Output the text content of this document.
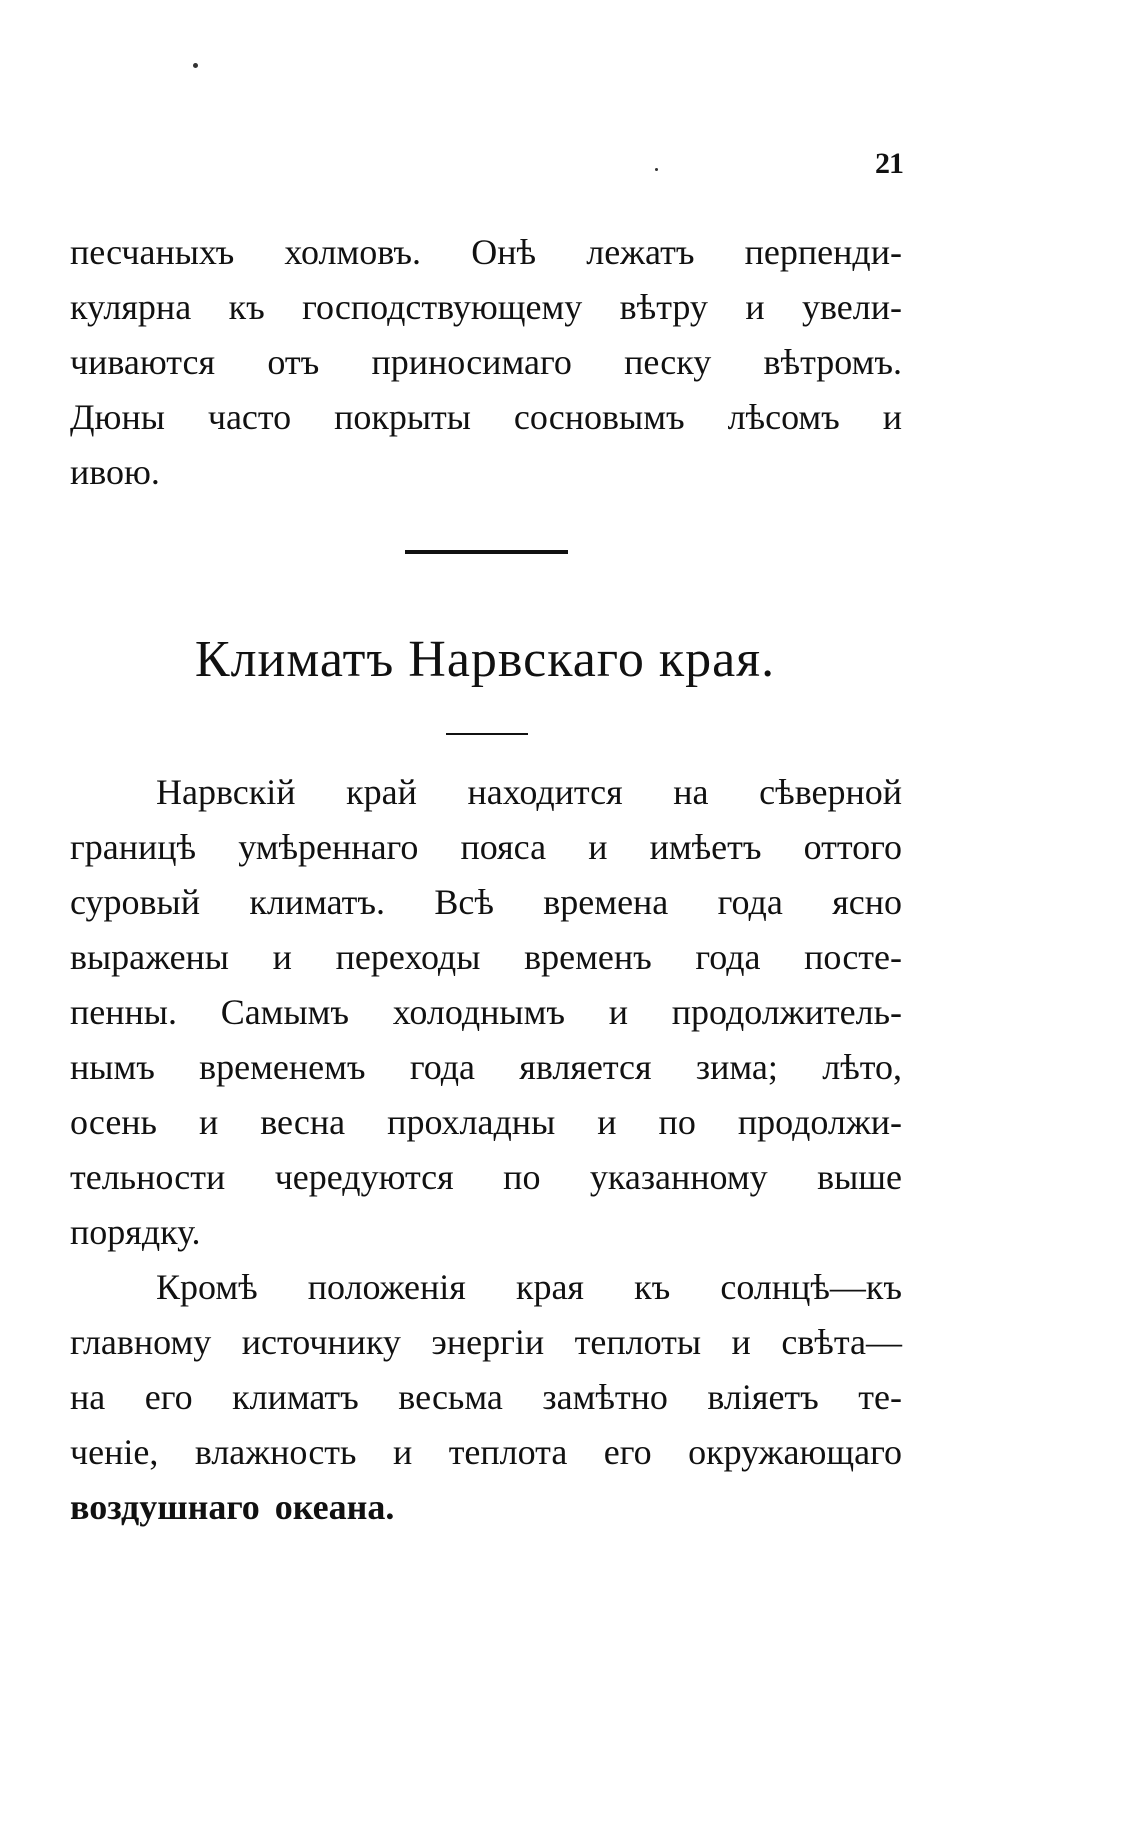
21
песчаныхъ холмовъ. Онѣ лежатъ перпенди-
кулярна къ господствующему вѣтру и увели-
чиваются отъ приносимаго песку вѣтромъ.
Дюны часто покрыты сосновымъ лѣсомъ и
ивою.
Климатъ Нарвскаго края.
Нарвскій край находится на сѣверной
границѣ умѣреннаго пояса и имѣетъ оттого
суровый климатъ. Всѣ времена года ясно
выражены и переходы временъ года посте-
пенны. Самымъ холоднымъ и продолжитель-
нымъ временемъ года является зима; лѣто,
осень и весна прохладны и по продолжи-
тельности чередуются по указанному выше
порядку.
Кромѣ положенія края къ солнцѣ—къ
главному источнику энергіи теплоты и свѣта—
на его климатъ весьма замѣтно вліяетъ те-
ченіе, влажность и теплота его окружающаго
воздушнаго океана.
